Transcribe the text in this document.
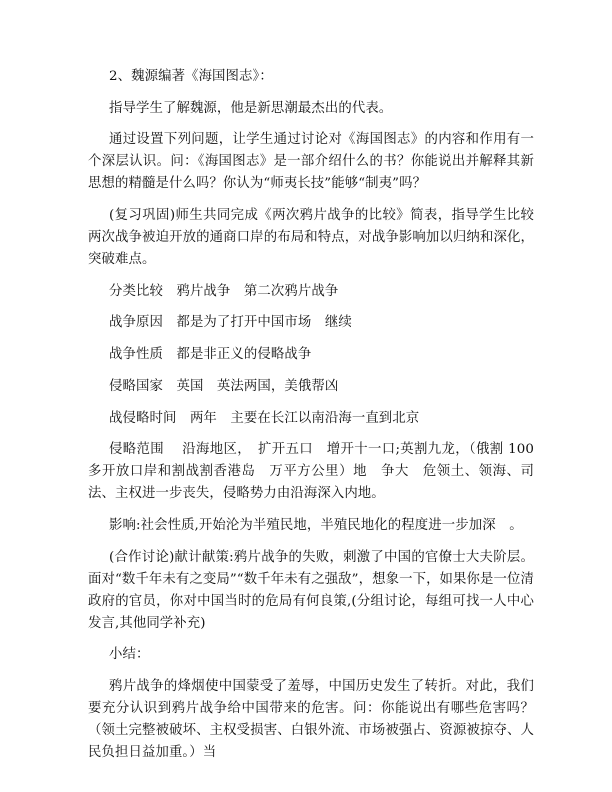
2、魏源编著《海国图志》：

指导学生了解魏源，他是新思潮最杰出的代表。

通过设置下列问题，让学生通过讨论对《海国图志》的内容和作用有一个深层认识。问：《海国图志》是一部介绍什么的书？你能说出并解释其新思想的精髓是什么吗？你认为“师夷长技”能够“制夷”吗？

(复习巩固)师生共同完成《两次鸦片战争的比较》简表，指导学生比较两次战争被迫开放的通商口岸的布局和特点，对战争影响加以归纳和深化，突破难点。

分类比较　鸦片战争　第二次鸦片战争

战争原因　都是为了打开中国市场　继续

战争性质　都是非正义的侵略战争

侵略国家　英国　英法两国，美俄帮凶

战侵略时间　两年　主要在长江以南沿海一直到北京

侵略范围　 沿海地区，　扩开五口　增开十一口;英割九龙，（俄割 100 多开放口岸和割战割香港岛　万平方公里）地　争大　危领土、领海、司法、主权进一步丧失，侵略势力由沿海深入内地。

影响:社会性质,开始沦为半殖民地，半殖民地化的程度进一步加深　。

(合作讨论)献计献策:鸦片战争的失败，刺激了中国的官僚士大夫阶层。面对“数千年未有之变局”“数千年未有之强敌”，想象一下，如果你是一位清政府的官员，你对中国当时的危局有何良策,(分组讨论，每组可找一人中心发言,其他同学补充)

小结：

鸦片战争的烽烟使中国蒙受了羞辱，中国历史发生了转折。对此，我们要充分认识到鸦片战争给中国带来的危害。问：你能说出有哪些危害吗？（领土完整被破坏、主权受损害、白银外流、市场被强占、资源被掠夺、人民负担日益加重。）当
